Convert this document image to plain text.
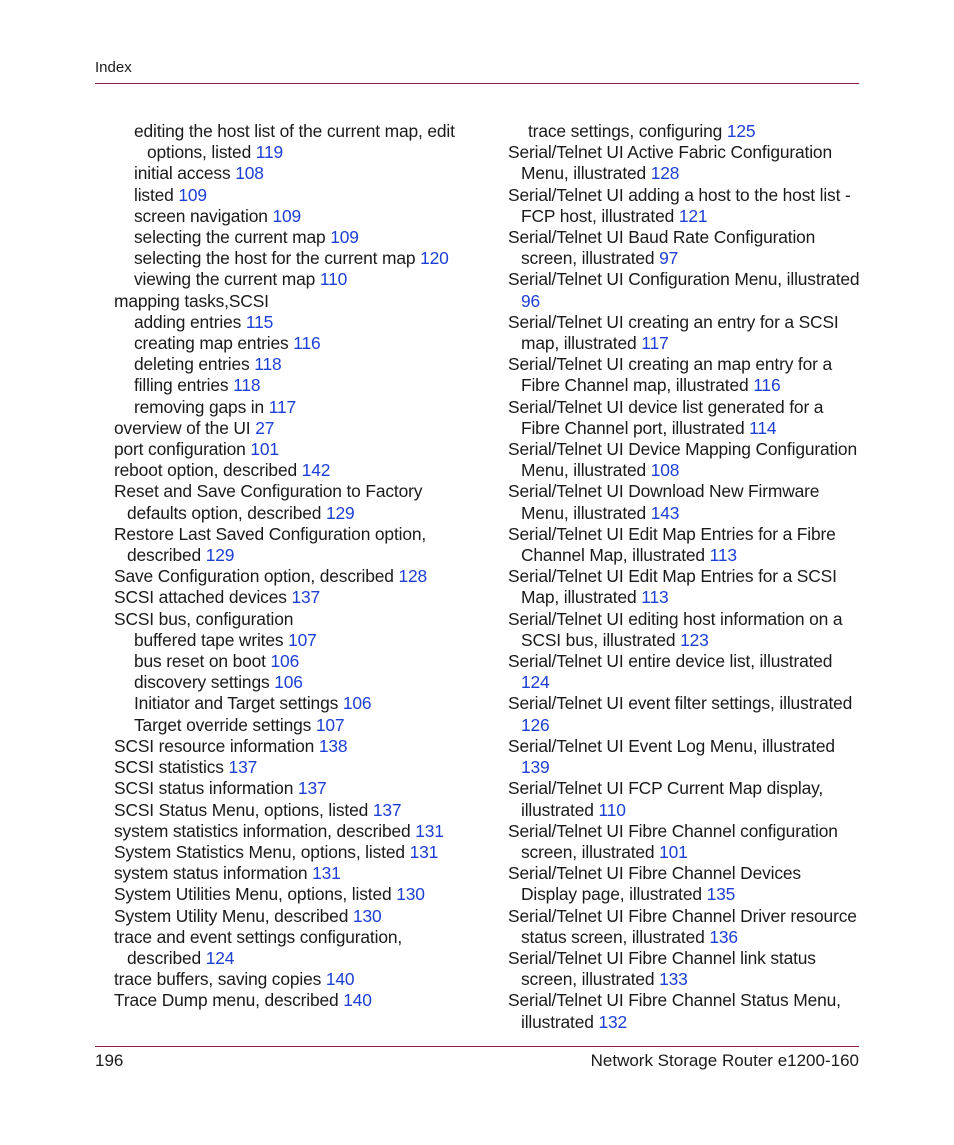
Index

editing the host list of the current map, edit options, listed 119

initial access 108

listed 109

screen navigation 109

selecting the current map 109

selecting the host for the current map 120

viewing the current map 110

mapping tasks,SCSI

adding entries 115

creating map entries 116

deleting entries 118

filling entries 118

removing gaps in 117

overview of the UI 27

port configuration 101

reboot option, described 142

Reset and Save Configuration to Factory defaults option, described 129

Restore Last Saved Configuration option, described 129

Save Configuration option, described 128

SCSI attached devices 137

SCSI bus, configuration

buffered tape writes 107

bus reset on boot 106

discovery settings 106

Initiator and Target settings 106

Target override settings 107

SCSI resource information 138

SCSI statistics 137

SCSI status information 137

SCSI Status Menu, options, listed 137

system statistics information, described 131

System Statistics Menu, options, listed 131

system status information 131

System Utilities Menu, options, listed 130

System Utility Menu, described 130

trace and event settings configuration, described 124

trace buffers, saving copies 140

Trace Dump menu, described 140

trace settings, configuring 125

Serial/Telnet UI Active Fabric Configuration Menu, illustrated 128

Serial/Telnet UI adding a host to the host list - FCP host, illustrated 121

Serial/Telnet UI Baud Rate Configuration screen, illustrated 97

Serial/Telnet UI Configuration Menu, illustrated 96

Serial/Telnet UI creating an entry for a SCSI map, illustrated 117

Serial/Telnet UI creating an map entry for a Fibre Channel map, illustrated 116

Serial/Telnet UI device list generated for a Fibre Channel port, illustrated 114

Serial/Telnet UI Device Mapping Configuration Menu, illustrated 108

Serial/Telnet UI Download New Firmware Menu, illustrated 143

Serial/Telnet UI Edit Map Entries for a Fibre Channel Map, illustrated 113

Serial/Telnet UI Edit Map Entries for a SCSI Map, illustrated 113

Serial/Telnet UI editing host information on a SCSI bus, illustrated 123

Serial/Telnet UI entire device list, illustrated 124

Serial/Telnet UI event filter settings, illustrated 126

Serial/Telnet UI Event Log Menu, illustrated 139

Serial/Telnet UI FCP Current Map display, illustrated 110

Serial/Telnet UI Fibre Channel configuration screen, illustrated 101

Serial/Telnet UI Fibre Channel Devices Display page, illustrated 135

Serial/Telnet UI Fibre Channel Driver resource status screen, illustrated 136

Serial/Telnet UI Fibre Channel link status screen, illustrated 133

Serial/Telnet UI Fibre Channel Status Menu, illustrated 132

196	Network Storage Router e1200-160
